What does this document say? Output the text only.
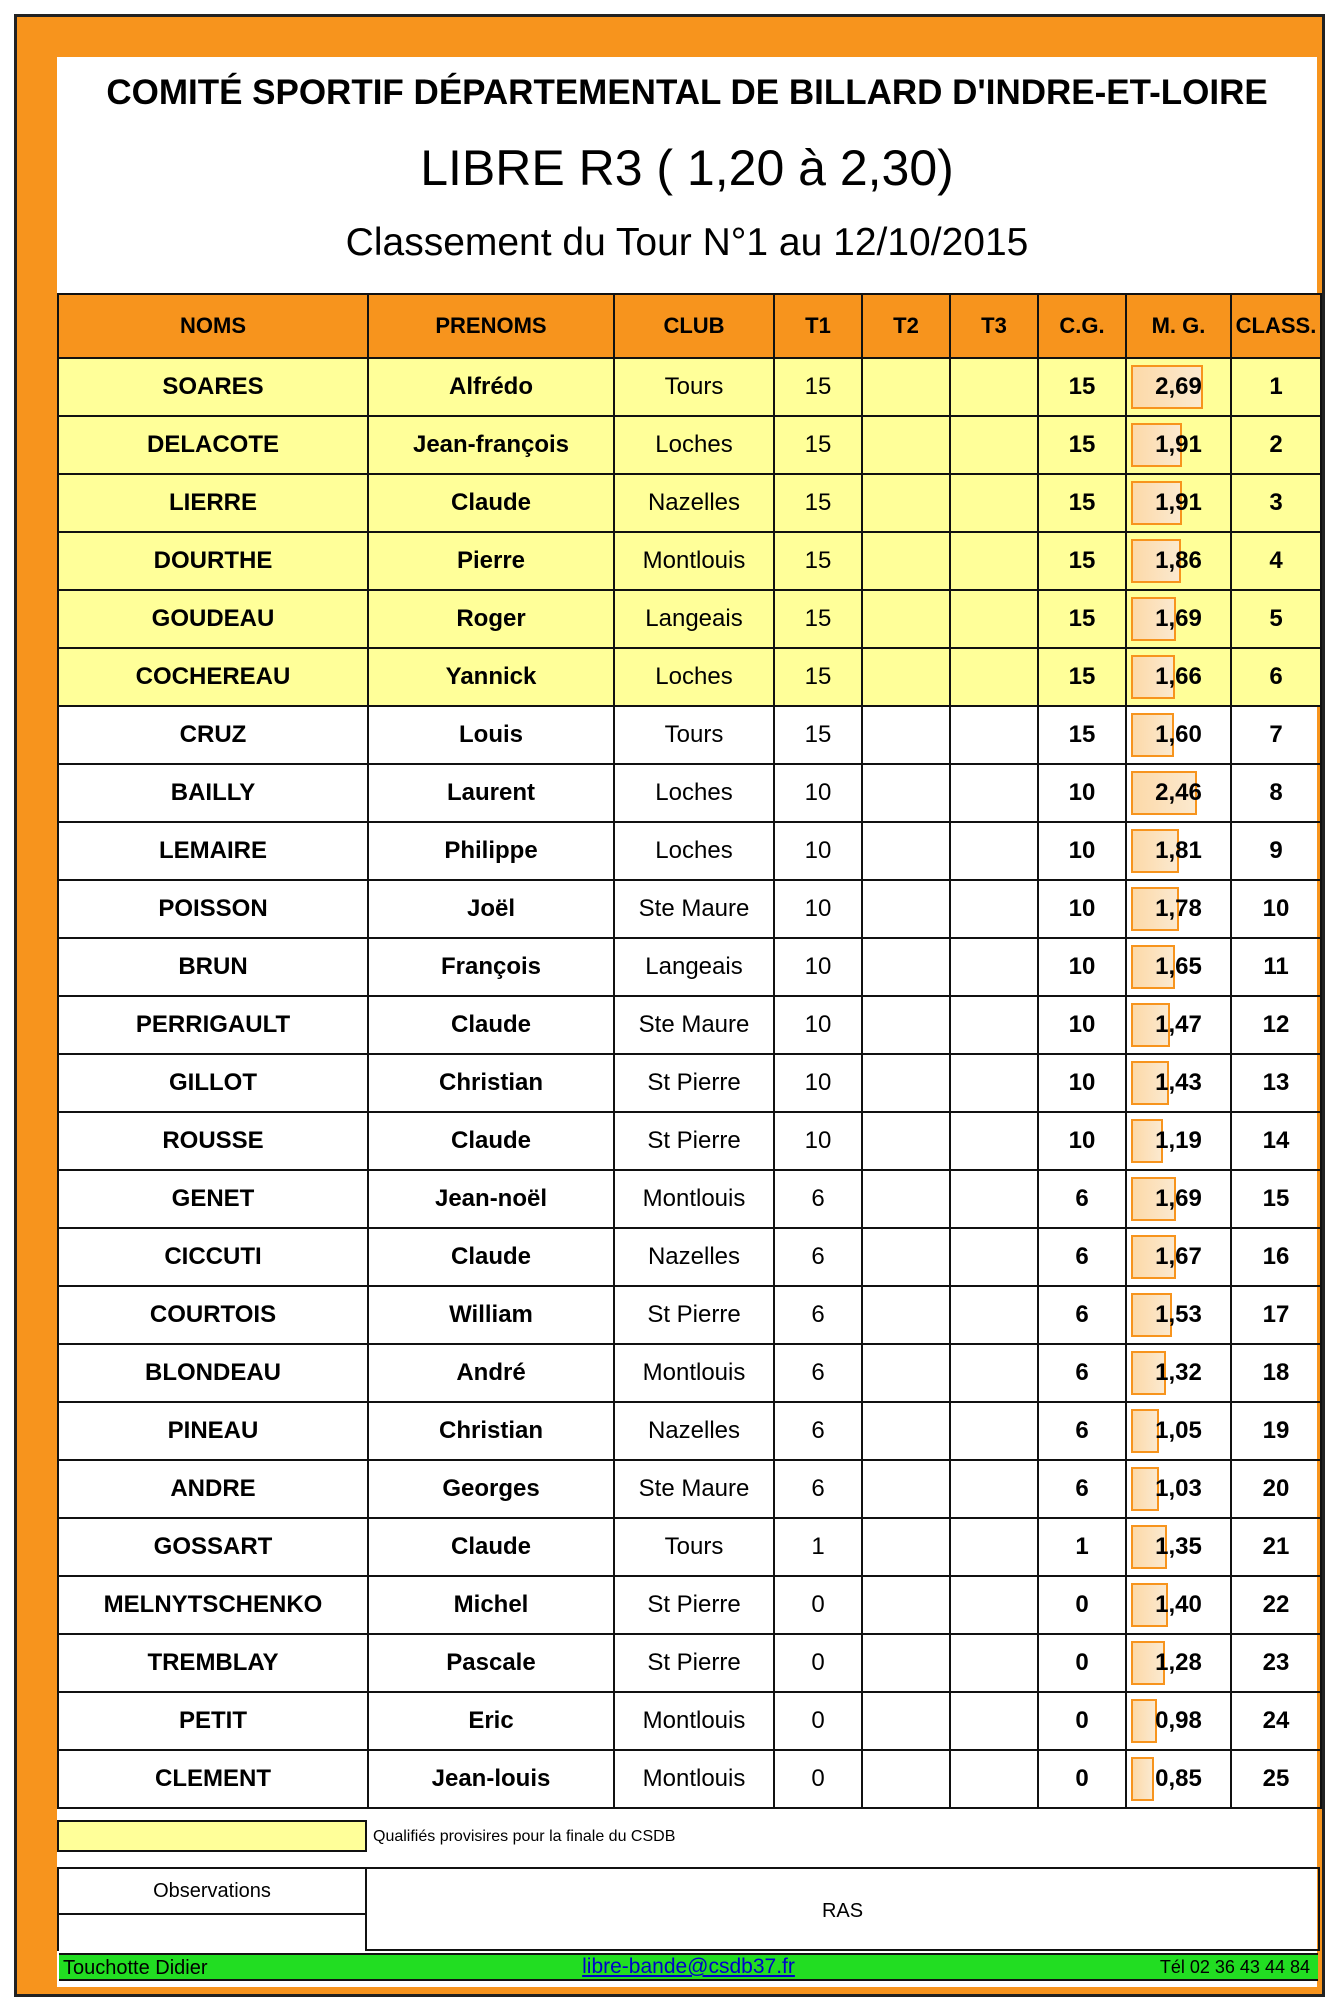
COMITÉ SPORTIF DÉPARTEMENTAL DE BILLARD D'INDRE-ET-LOIRE
LIBRE R3 ( 1,20 à 2,30)
Classement du Tour N°1 au 12/10/2015
NOMS	PRENOMS	CLUB	T1	T2	T3	C.G.	M. G.	CLASS.
SOARES	Alfrédo	Tours	15			15	2,69	1
DELACOTE	Jean-françois	Loches	15			15	1,91	2
LIERRE	Claude	Nazelles	15			15	1,91	3
DOURTHE	Pierre	Montlouis	15			15	1,86	4
GOUDEAU	Roger	Langeais	15			15	1,69	5
COCHEREAU	Yannick	Loches	15			15	1,66	6
CRUZ	Louis	Tours	15			15	1,60	7
BAILLY	Laurent	Loches	10			10	2,46	8
LEMAIRE	Philippe	Loches	10			10	1,81	9
POISSON	Joël	Ste Maure	10			10	1,78	10
BRUN	François	Langeais	10			10	1,65	11
PERRIGAULT	Claude	Ste Maure	10			10	1,47	12
GILLOT	Christian	St Pierre	10			10	1,43	13
ROUSSE	Claude	St Pierre	10			10	1,19	14
GENET	Jean-noël	Montlouis	6			6	1,69	15
CICCUTI	Claude	Nazelles	6			6	1,67	16
COURTOIS	William	St Pierre	6			6	1,53	17
BLONDEAU	André	Montlouis	6			6	1,32	18
PINEAU	Christian	Nazelles	6			6	1,05	19
ANDRE	Georges	Ste Maure	6			6	1,03	20
GOSSART	Claude	Tours	1			1	1,35	21
MELNYTSCHENKO	Michel	St Pierre	0			0	1,40	22
TREMBLAY	Pascale	St Pierre	0			0	1,28	23
PETIT	Eric	Montlouis	0			0	0,98	24
CLEMENT	Jean-louis	Montlouis	0			0	0,85	25
Qualifiés provisires pour la finale du CSDB
Observations
RAS
Touchotte Didier	libre-bande@csdb37.fr	Tél 02 36 43 44 84
